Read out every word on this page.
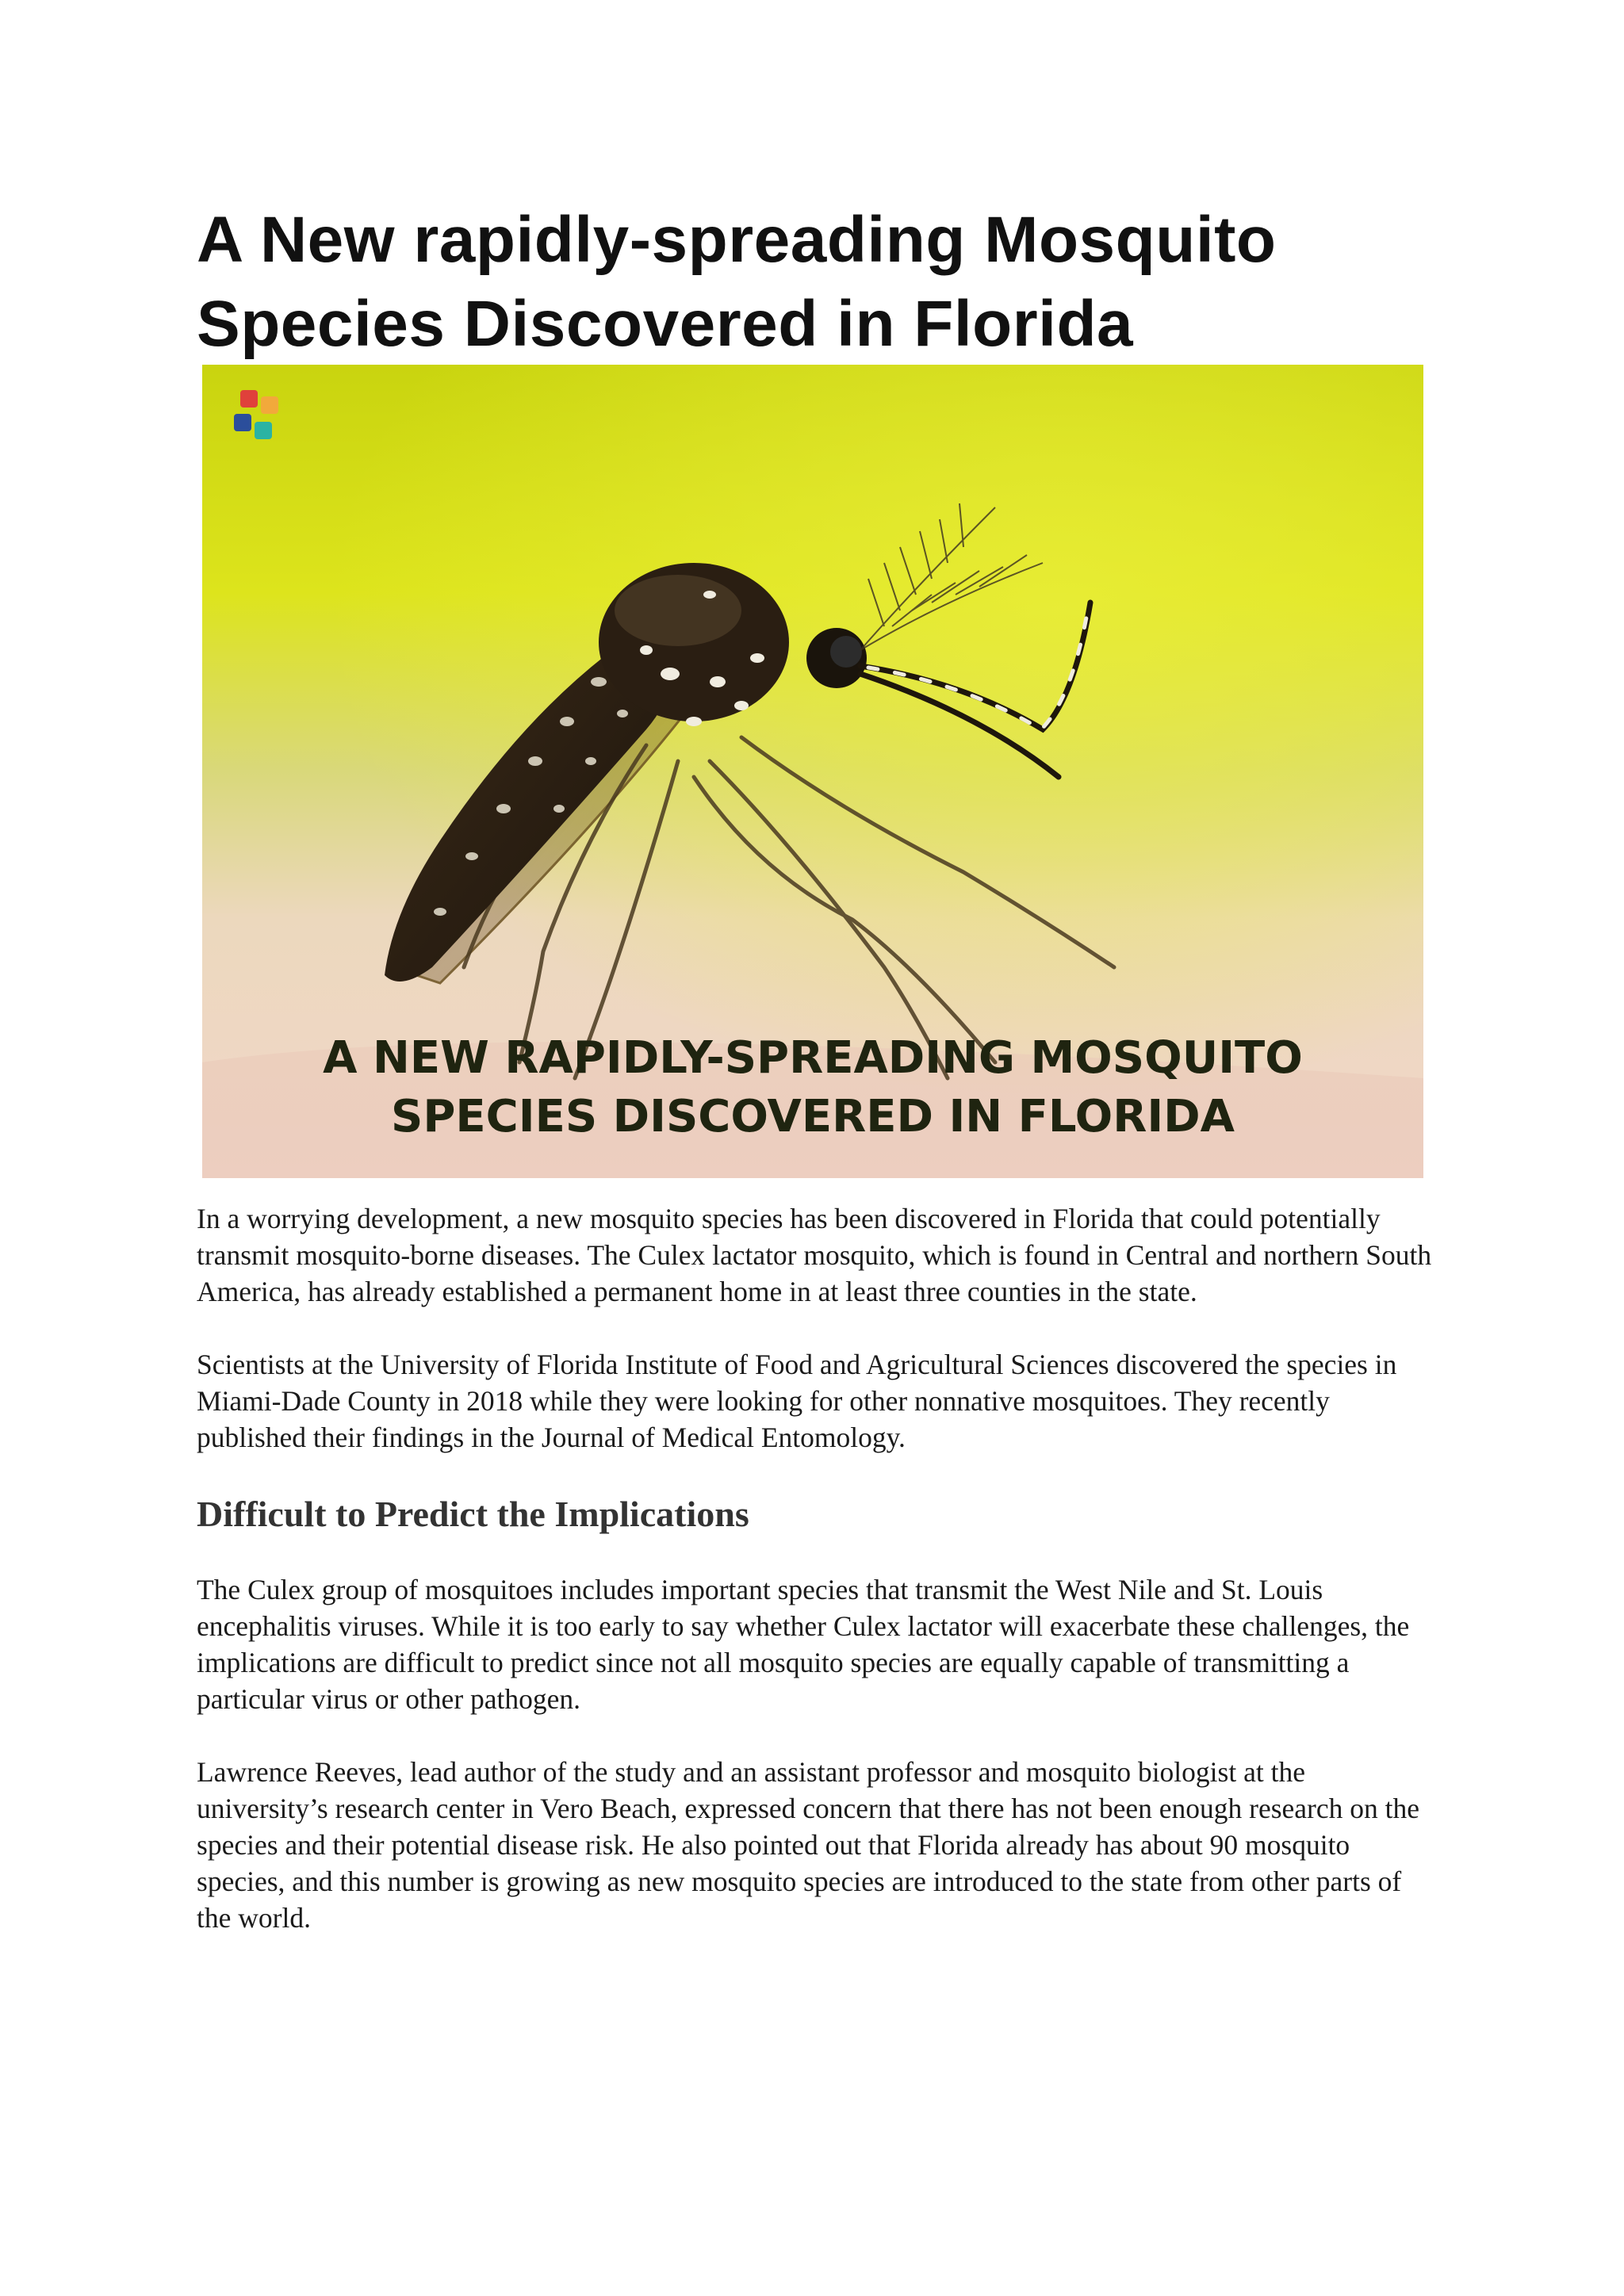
A New rapidly-spreading Mosquito Species Discovered in Florida
A NEW RAPIDLY-SPREADING MOSQUITO
SPECIES DISCOVERED IN FLORIDA

In a worrying development, a new mosquito species has been discovered in Florida that could potentially transmit mosquito-borne diseases. The Culex lactator mosquito, which is found in Central and northern South America, has already established a permanent home in at least three counties in the state.

Scientists at the University of Florida Institute of Food and Agricultural Sciences discovered the species in Miami-Dade County in 2018 while they were looking for other nonnative mosquitoes. They recently published their findings in the Journal of Medical Entomology.

Difficult to Predict the Implications

The Culex group of mosquitoes includes important species that transmit the West Nile and St. Louis encephalitis viruses. While it is too early to say whether Culex lactator will exacerbate these challenges, the implications are difficult to predict since not all mosquito species are equally capable of transmitting a particular virus or other pathogen.

Lawrence Reeves, lead author of the study and an assistant professor and mosquito biologist at the university’s research center in Vero Beach, expressed concern that there has not been enough research on the species and their potential disease risk. He also pointed out that Florida already has about 90 mosquito species, and this number is growing as new mosquito species are introduced to the state from other parts of the world.
